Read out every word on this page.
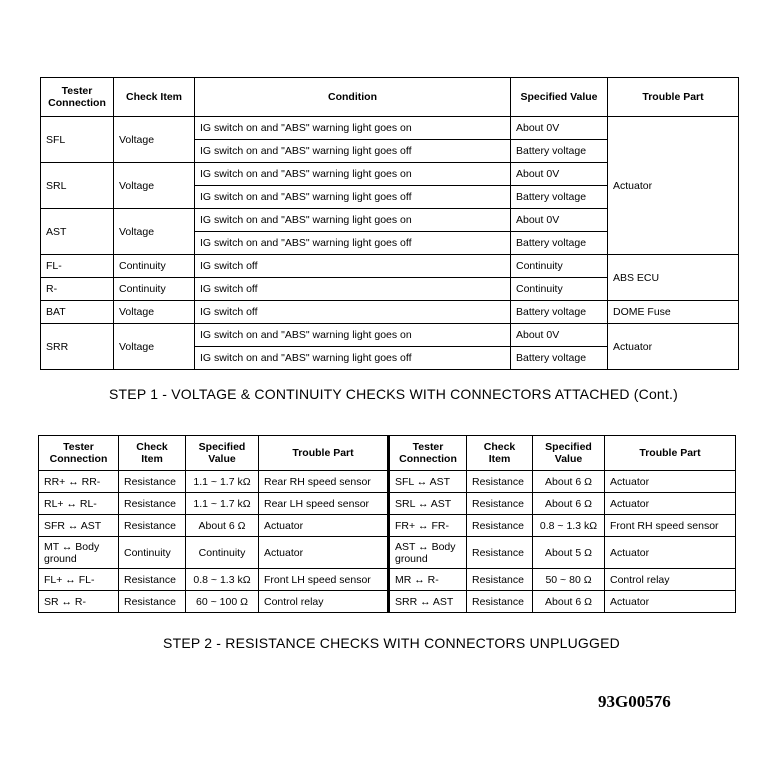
Tester Connection	Check Item	Condition	Specified Value	Trouble Part
SFL	Voltage	IG switch on and "ABS" warning light goes on	About 0V	Actuator
		IG switch on and "ABS" warning light goes off	Battery voltage	
SRL	Voltage	IG switch on and "ABS" warning light goes on	About 0V	
		IG switch on and "ABS" warning light goes off	Battery voltage	
AST	Voltage	IG switch on and "ABS" warning light goes on	About 0V	
		IG switch on and "ABS" warning light goes off	Battery voltage	
FL-	Continuity	IG switch off	Continuity	ABS ECU
R-	Continuity	IG switch off	Continuity	
BAT	Voltage	IG switch off	Battery voltage	DOME Fuse
SRR	Voltage	IG switch on and "ABS" warning light goes on	About 0V	Actuator
		IG switch on and "ABS" warning light goes off	Battery voltage	
STEP 1 - VOLTAGE & CONTINUITY CHECKS WITH CONNECTORS ATTACHED (Cont.)
Tester Connection	Check Item	Specified Value	Trouble Part	Tester Connection	Check Item	Specified Value	Trouble Part
RR+ ↔ RR-	Resistance	1.1 ~ 1.7 kΩ	Rear RH speed sensor	SFL ↔ AST	Resistance	About 6 Ω	Actuator
RL+ ↔ RL-	Resistance	1.1 ~ 1.7 kΩ	Rear LH speed sensor	SRL ↔ AST	Resistance	About 6 Ω	Actuator
SFR ↔ AST	Resistance	About 6 Ω	Actuator	FR+ ↔ FR-	Resistance	0.8 ~ 1.3 kΩ	Front RH speed sensor
MT ↔ Body ground	Continuity	Continuity	Actuator	AST ↔ Body ground	Resistance	About 5 Ω	Actuator
FL+ ↔ FL-	Resistance	0.8 ~ 1.3 kΩ	Front LH speed sensor	MR ↔ R-	Resistance	50 ~ 80 Ω	Control relay
SR ↔ R-	Resistance	60 ~ 100 Ω	Control relay	SRR ↔ AST	Resistance	About 6 Ω	Actuator
STEP 2 - RESISTANCE CHECKS WITH CONNECTORS UNPLUGGED
93G00576
